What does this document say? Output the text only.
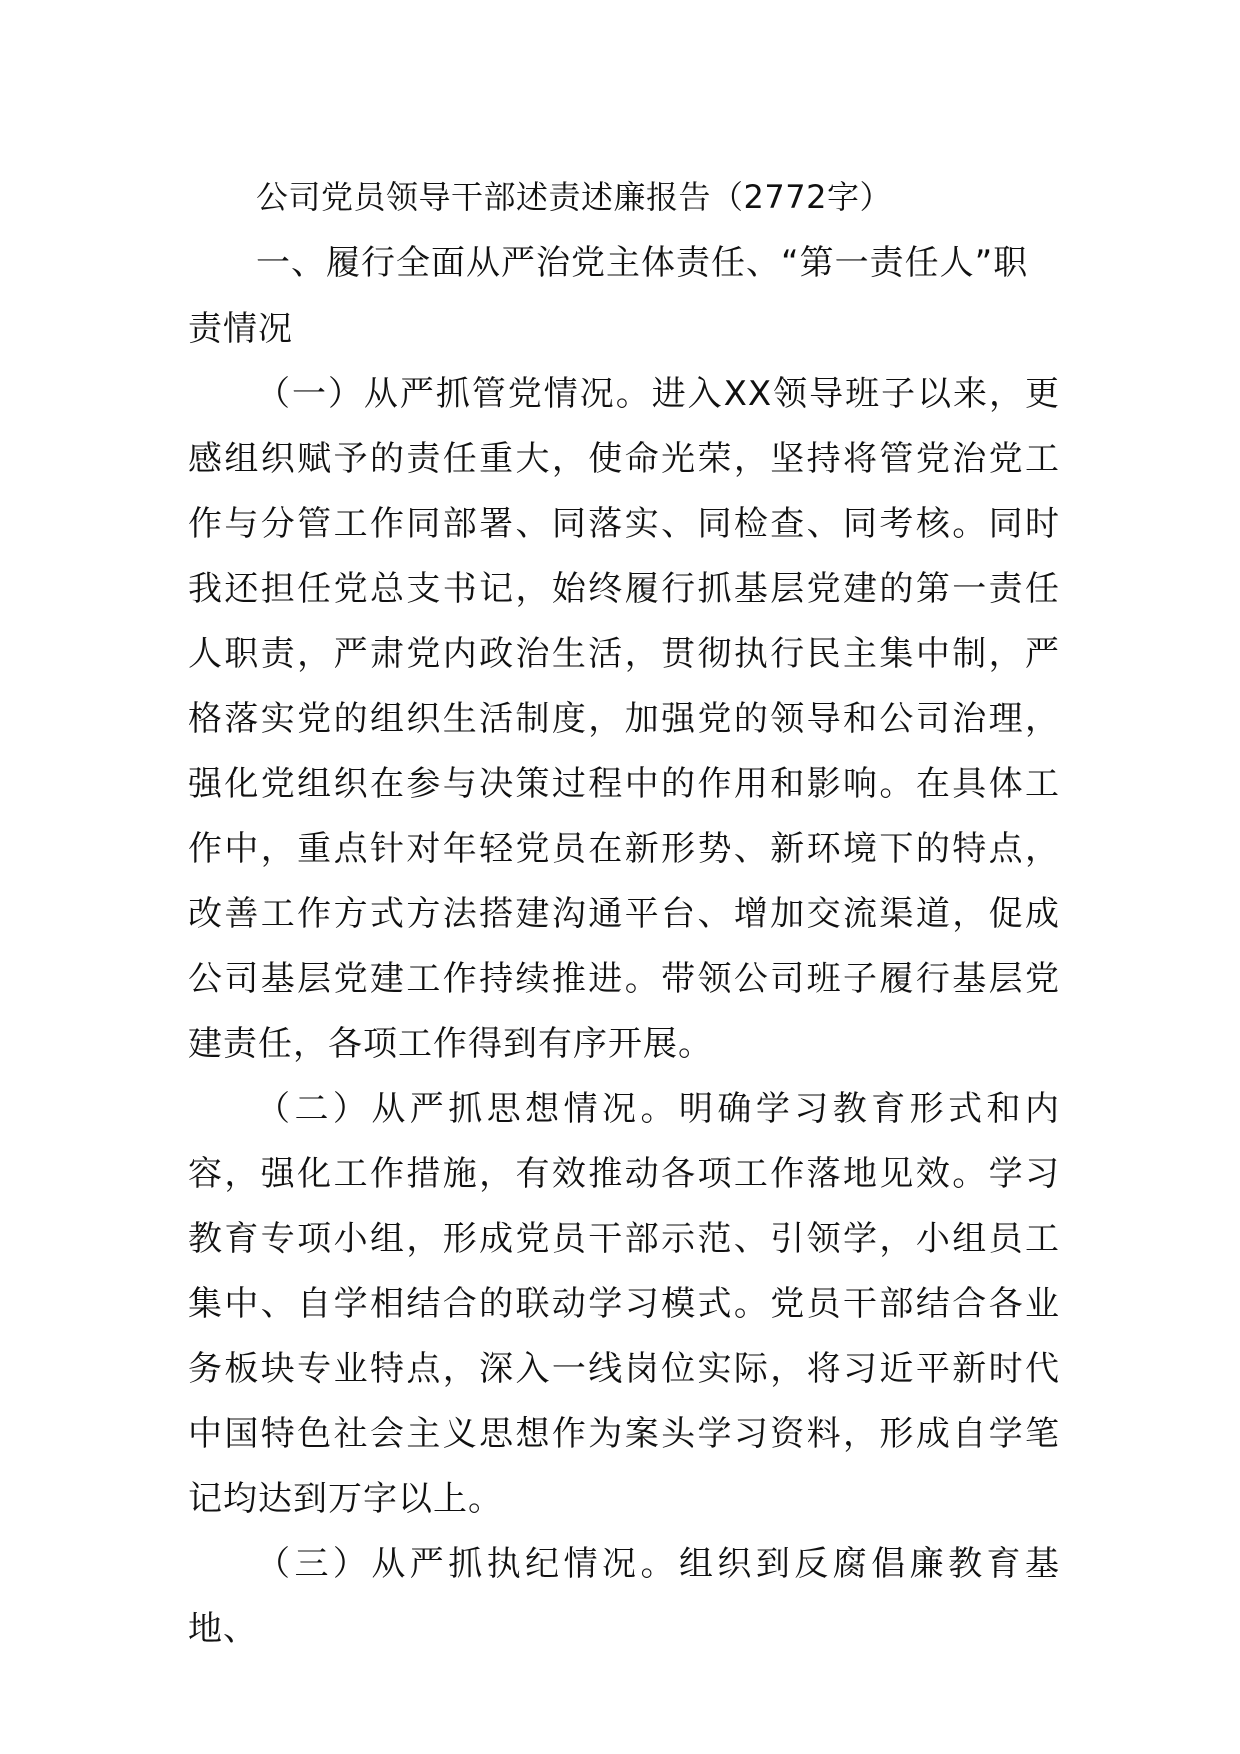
公司党员领导干部述责述廉报告（2772字）

一、履行全面从严治党主体责任、“第一责任人”职责情况

（一）从严抓管党情况。进入XX领导班子以来，更感组织赋予的责任重大，使命光荣，坚持将管党治党工作与分管工作同部署、同落实、同检查、同考核。同时我还担任党总支书记，始终履行抓基层党建的第一责任人职责，严肃党内政治生活，贯彻执行民主集中制，严格落实党的组织生活制度，加强党的领导和公司治理，强化党组织在参与决策过程中的作用和影响。在具体工作中，重点针对年轻党员在新形势、新环境下的特点，改善工作方式方法搭建沟通平台、增加交流渠道，促成公司基层党建工作持续推进。带领公司班子履行基层党建责任，各项工作得到有序开展。

（二）从严抓思想情况。明确学习教育形式和内容，强化工作措施，有效推动各项工作落地见效。学习教育专项小组，形成党员干部示范、引领学，小组员工集中、自学相结合的联动学习模式。党员干部结合各业务板块专业特点，深入一线岗位实际，将习近平新时代中国特色社会主义思想作为案头学习资料，形成自学笔记均达到万字以上。

（三）从严抓执纪情况。组织到反腐倡廉教育基地、
